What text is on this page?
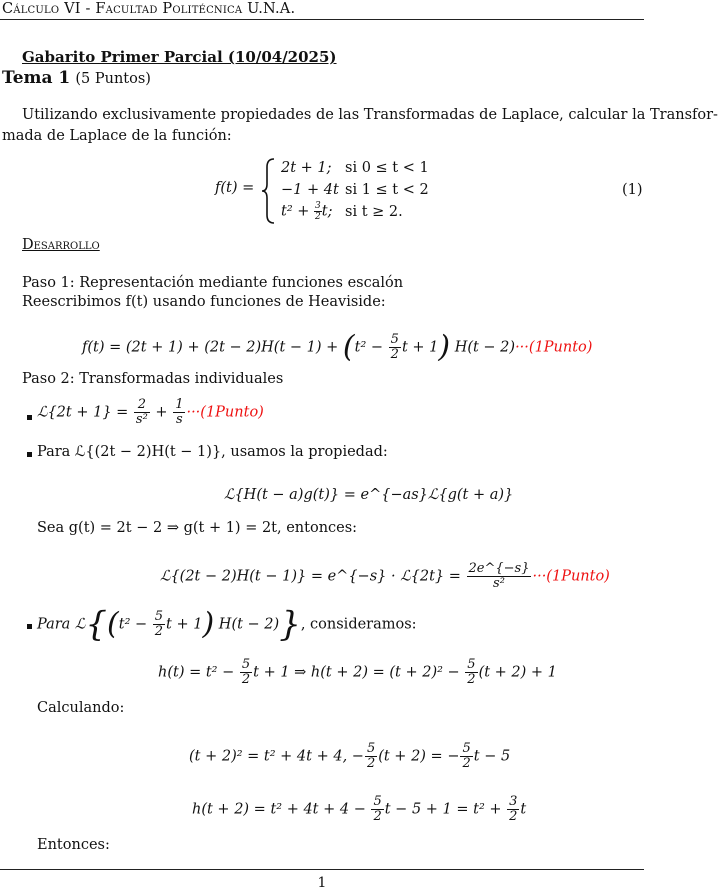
Cálculo VI - Facultad Politécnica U.N.A.
Gabarito Primer Parcial (10/04/2025)
Tema 1 (5 Puntos)
Utilizando exclusivamente propiedades de las Transformadas de Laplace, calcular la Transfor-
mada de Laplace de la función:
f(t) =
2t + 1; si 0 ≤ t < 1
−1 + 4t si 1 ≤ t < 2
$t^2 + \frac{3}{2} t$; si t ≥ 2.
(1)
Desarrollo
Paso 1: Representación mediante funciones escalón
Reescribimos f(t) usando funciones de Heaviside:
$f(t) = (2t + 1) + (2t - 2)H(t - 1) + (t^2 - \frac{5}{2}$ t + 1) H(t − 2)···(1Punto)
Paso 2: Transformadas individuales
ℒ{2t + $1\} = \frac{2}{\text{s²}} + \frac{1}{s}$ ···(1Punto)
Para ℒ{(2t − 2)H(t − 1)}, usamos la propiedad:
ℒ{H(t − a)g(t)} = e^{−as}ℒ{g(t + a)}
Sea g(t) = 2t − 2 ⇒ g(t + 1) = 2t, entonces:
ℒ{(2t − 2)H(t − 1)} = e^{−s} · ℒ{2t} = $\frac{2e\^{}\{-s\}}{\text{s²}}$ ···(1Punto)
Para ℒ{(t² − $\frac{5}{2}$ t + 1) H(t − 2)}, consideramos:
$h(t) = t^2 - \frac{5}{2}$ t + 1 ⇒ $h(t + 2) = (t + 2)^2 - \frac{5}{2} (t + 2) + 1$
Calculando:
(t + 2)² = t² + 4t + 4, − $\frac{5}{2} (t + 2)$ = − $\frac{5}{2}$ t − 5
$h(t + 2) = t^2 + 4t + 4 - \frac{5}{2}$ $t - 5 + 1 = t^2 + \frac{3}{2}$ t
Entonces:
1
